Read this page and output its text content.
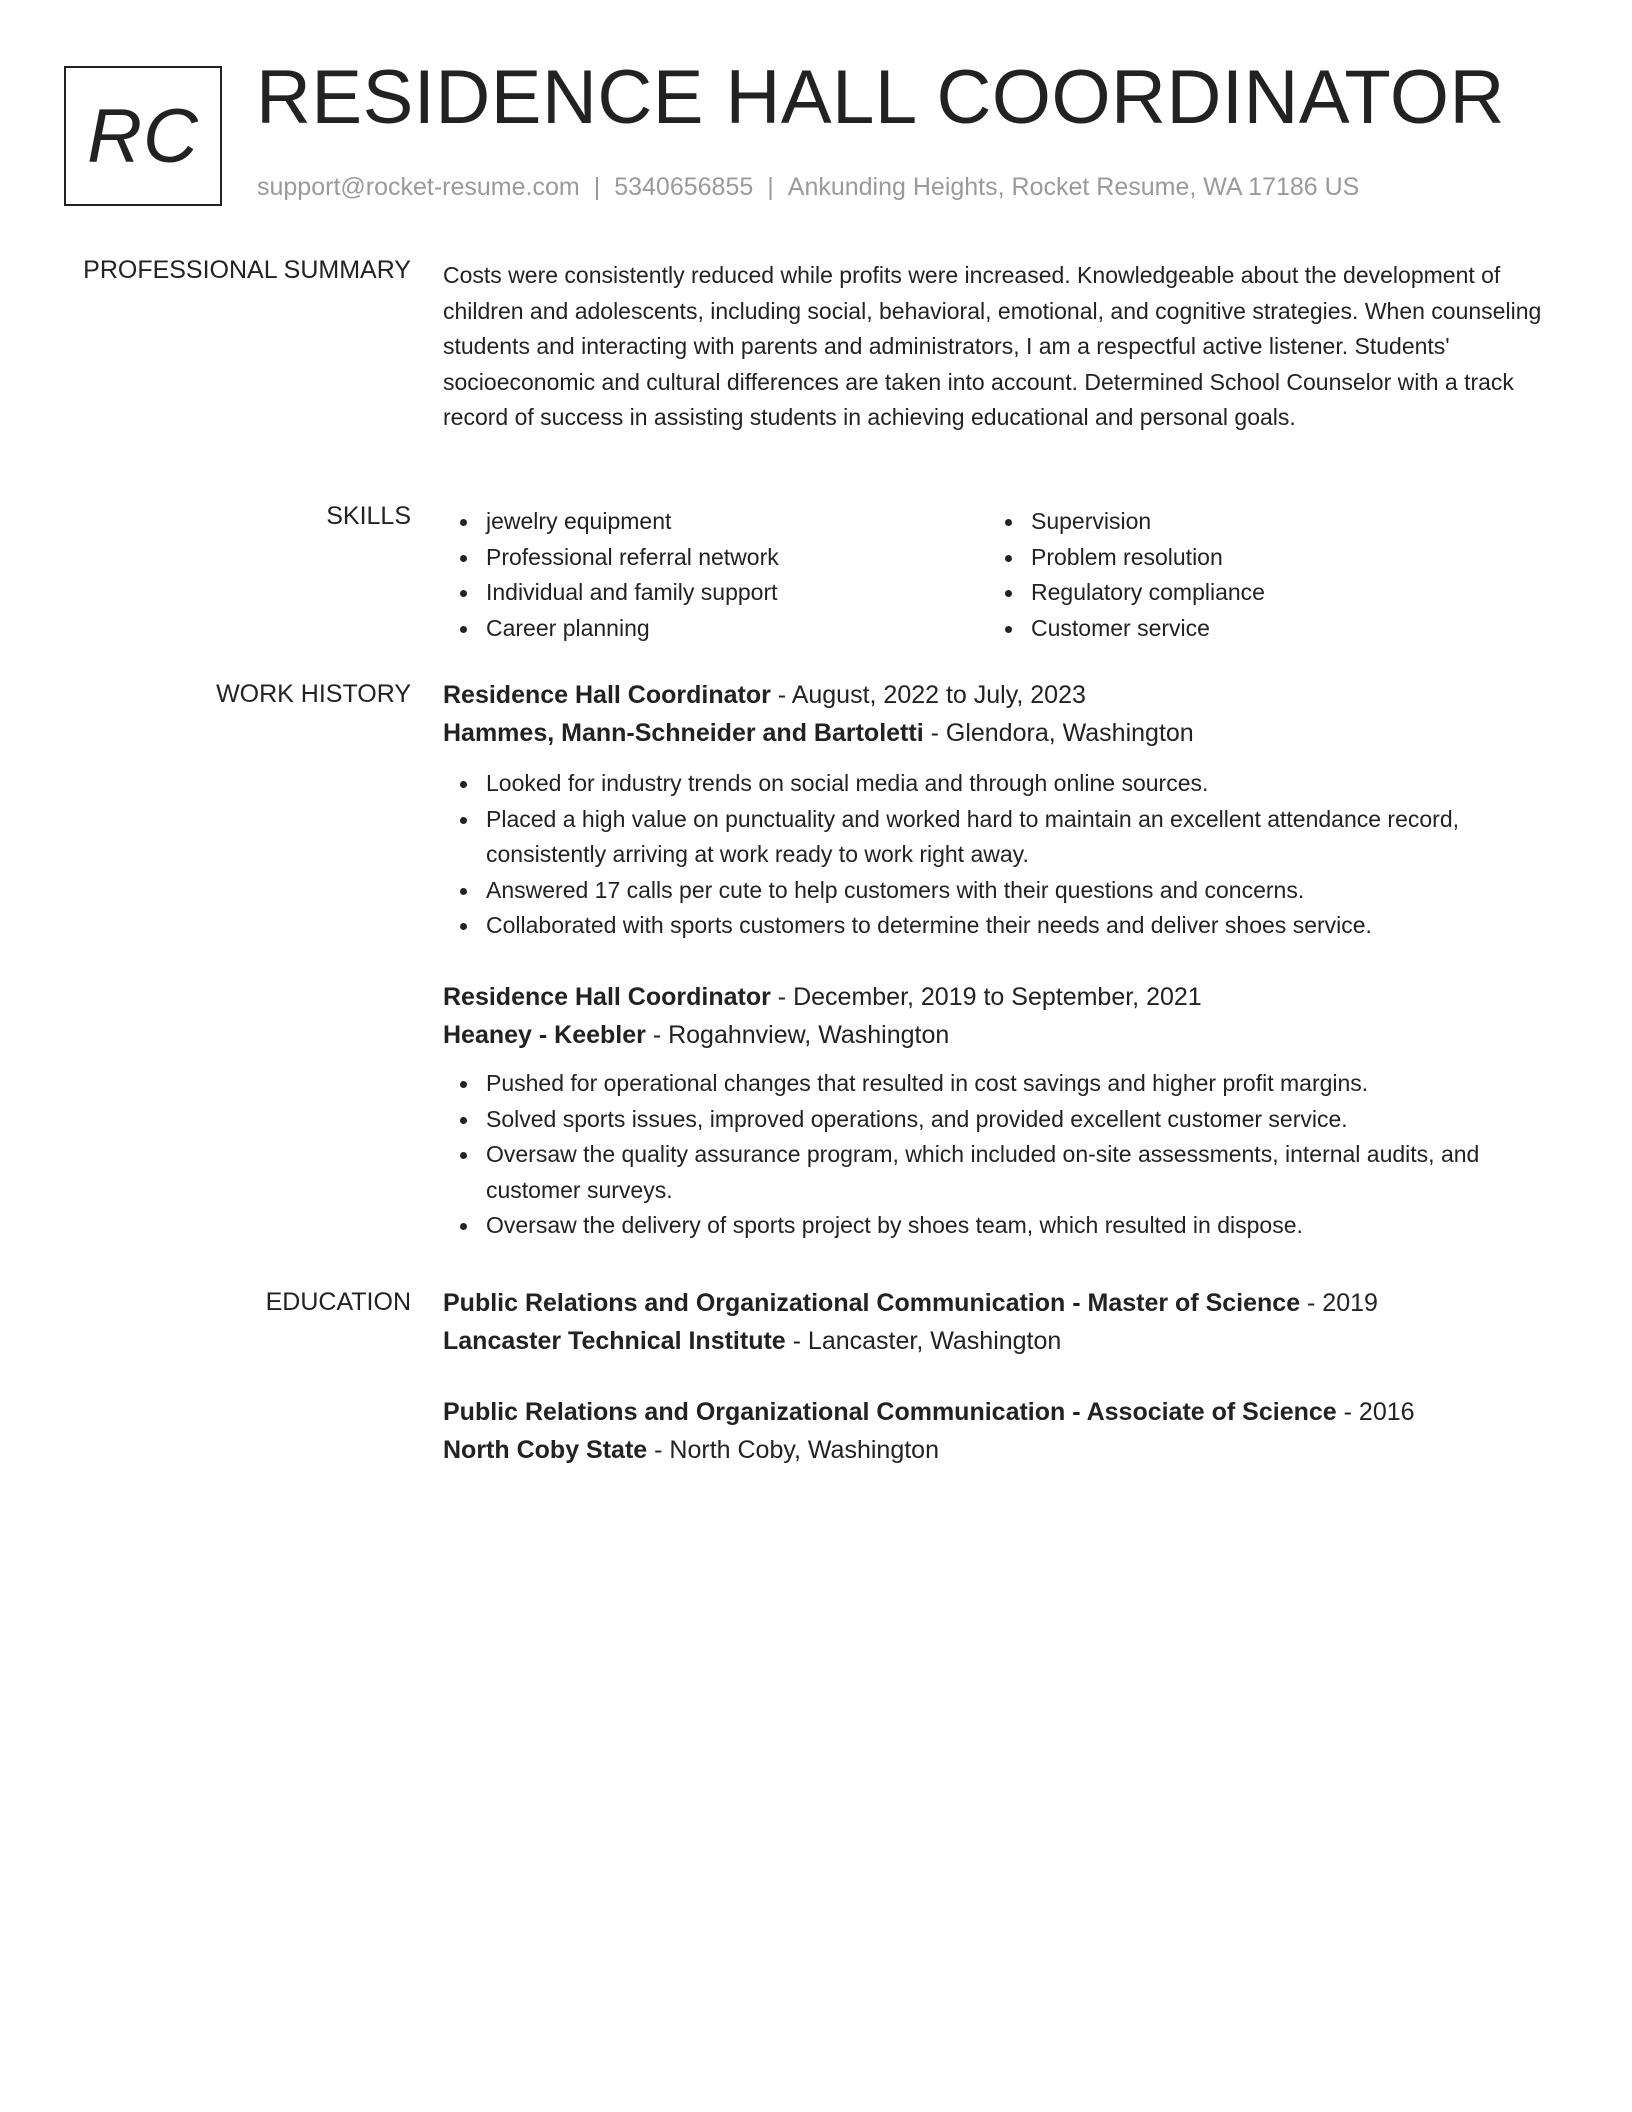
RC RESIDENCE HALL COORDINATOR
support@rocket-resume.com | 5340656855 | Ankunding Heights, Rocket Resume, WA 17186 US
PROFESSIONAL SUMMARY Costs were consistently reduced while profits were increased. Knowledgeable about the development of children and adolescents, including social, behavioral, emotional, and cognitive strategies. When counseling students and interacting with parents and administrators, I am a respectful active listener. Students' socioeconomic and cultural differences are taken into account. Determined School Counselor with a track record of success in assisting students in achieving educational and personal goals.

SKILLS	jewelry equipment
Professional referral network
Individual and family support
Career planning
Supervision
Problem resolution
Regulatory compliance
Customer service
WORK HISTORY Residence Hall Coordinator - August, 2022 to July, 2023
Hammes, Mann-Schneider and Bartoletti - Glendora, Washington
Looked for industry trends on social media and through online sources.
Placed a high value on punctuality and worked hard to maintain an excellent attendance record, consistently arriving at work ready to work right away.
Answered 17 calls per cute to help customers with their questions and concerns.
Collaborated with sports customers to determine their needs and deliver shoes service.
Residence Hall Coordinator - December, 2019 to September, 2021
Heaney - Keebler - Rogahnview, Washington
Pushed for operational changes that resulted in cost savings and higher profit margins.
Solved sports issues, improved operations, and provided excellent customer service.
Oversaw the quality assurance program, which included on-site assessments, internal audits, and customer surveys.
Oversaw the delivery of sports project by shoes team, which resulted in dispose.
EDUCATION Public Relations and Organizational Communication - Master of Science - 2019
Lancaster Technical Institute - Lancaster, Washington
Public Relations and Organizational Communication - Associate of Science - 2016
North Coby State - North Coby, Washington
